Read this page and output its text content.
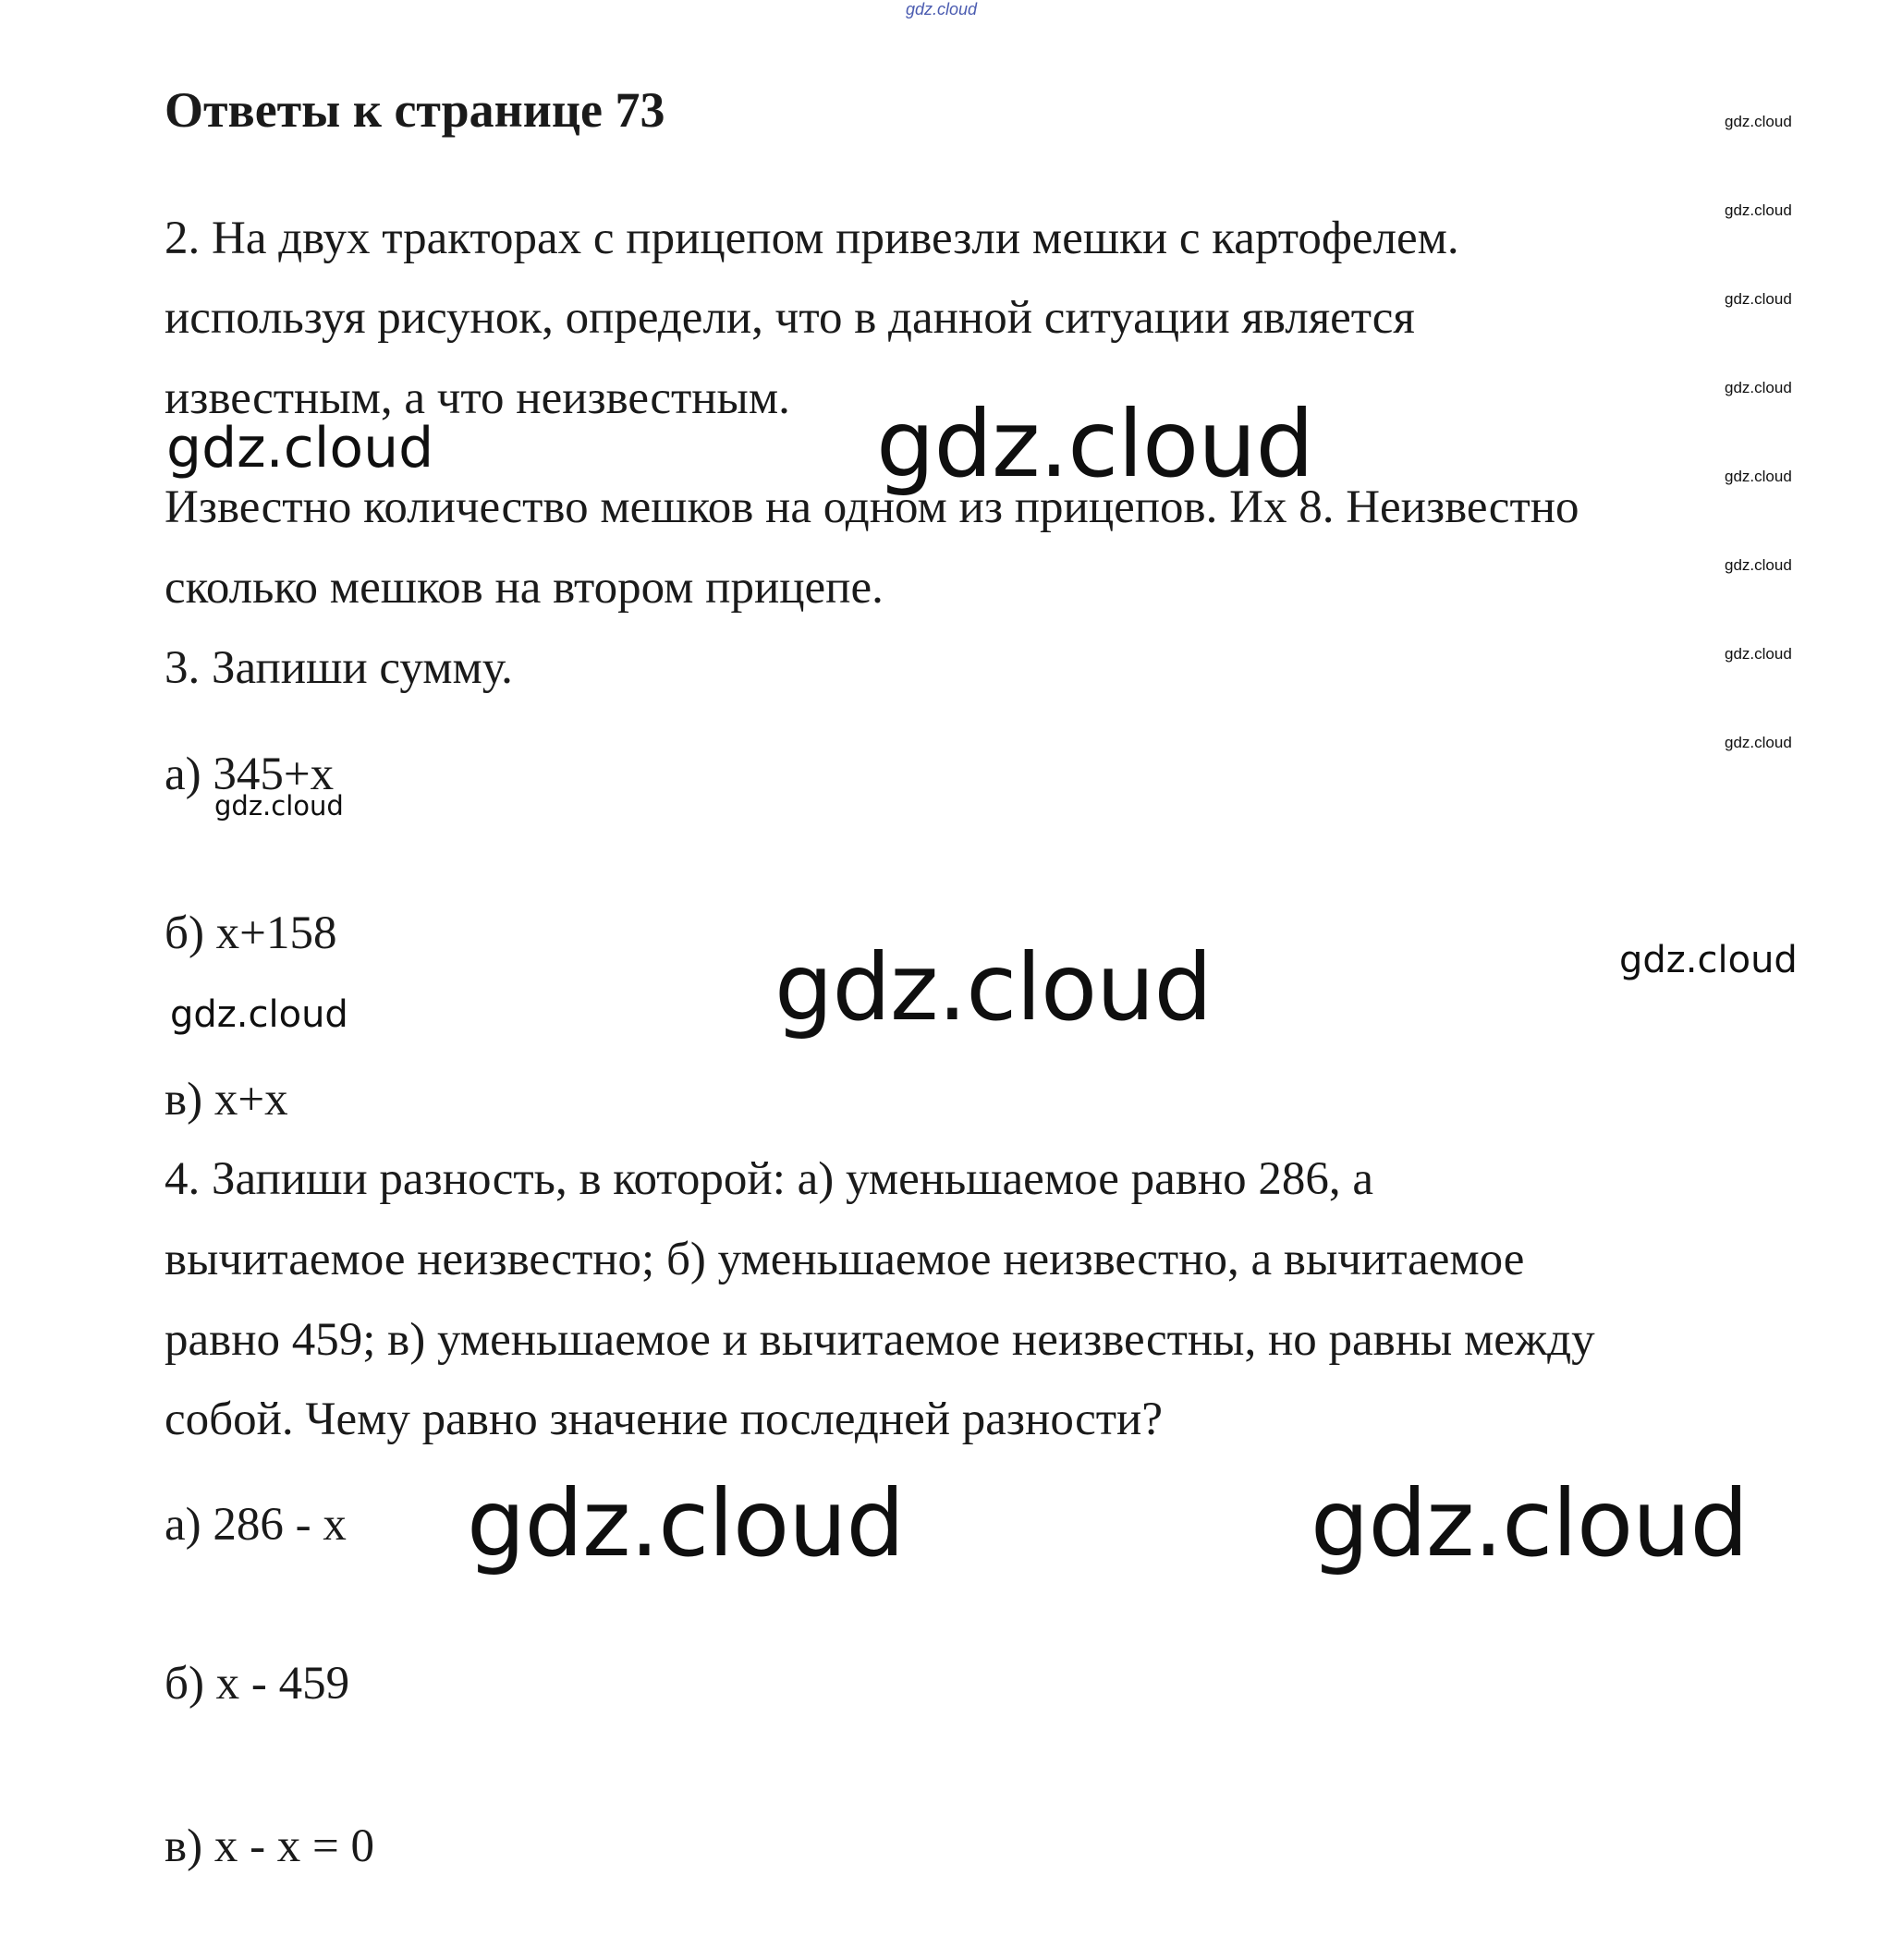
gdz.cloud
gdz.cloud
gdz.cloud
gdz.cloud
gdz.cloud
gdz.cloud
gdz.cloud
gdz.cloud
gdz.cloud
Ответы к странице 73

2. На двух тракторах с прицепом привезли мешки с картофелем.

используя рисунок, определи, что в данной ситуации является

известным, а что неизвестным.

gdz.cloud	gdz.cloud

Известно количество мешков на одном из прицепов. Их 8. Неизвестно

сколько мешков на втором прицепе.

3. Запиши сумму.

а) 345+х

gdz.cloud

б) х+158	gdz.cloud	gdz.cloud
gdz.cloud

в) х+х

4. Запиши разность, в которой: а) уменьшаемое равно 286, а

вычитаемое неизвестно; б) уменьшаемое неизвестно, а вычитаемое

равно 459; в) уменьшаемое и вычитаемое неизвестны, но равны между

собой. Чему равно значение последней разности?

а) 286 - х gdz.cloud	gdz.cloud

б) х - 459

в) х - х = 0
